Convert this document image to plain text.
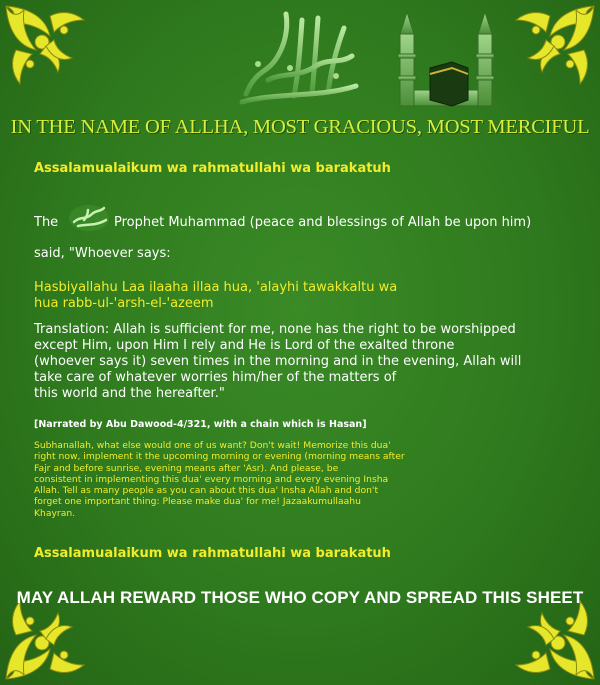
IN THE NAME OF ALLHA, MOST GRACIOUS, MOST MERCIFUL
Assalamualaikum wa rahmatullahi wa barakatuh
The	Prophet Muhammad (peace and blessings of Allah be upon him)
said, "Whoever says:
Hasbiyallahu Laa ilaaha illaa hua, 'alayhi tawakkaltu wa
hua rabb-ul-'arsh-el-'azeem
Translation: Allah is sufficient for me, none has the right to be worshipped
except Him, upon Him I rely and He is Lord of the exalted throne
(whoever says it) seven times in the morning and in the evening, Allah will
take care of whatever worries him/her of the matters of
this world and the hereafter."
[Narrated by Abu Dawood-4/321, with a chain which is Hasan]
Subhanallah, what else would one of us want? Don't wait! Memorize this dua'
right now, implement it the upcoming morning or evening (morning means after
Fajr and before sunrise, evening means after 'Asr). And please, be
consistent in implementing this dua' every morning and every evening Insha
Allah. Tell as many people as you can about this dua' Insha Allah and don't
forget one important thing: Please make dua' for me! Jazaakumullaahu
Khayran.
Assalamualaikum wa rahmatullahi wa barakatuh
MAY ALLAH REWARD THOSE WHO COPY AND SPREAD THIS SHEET
